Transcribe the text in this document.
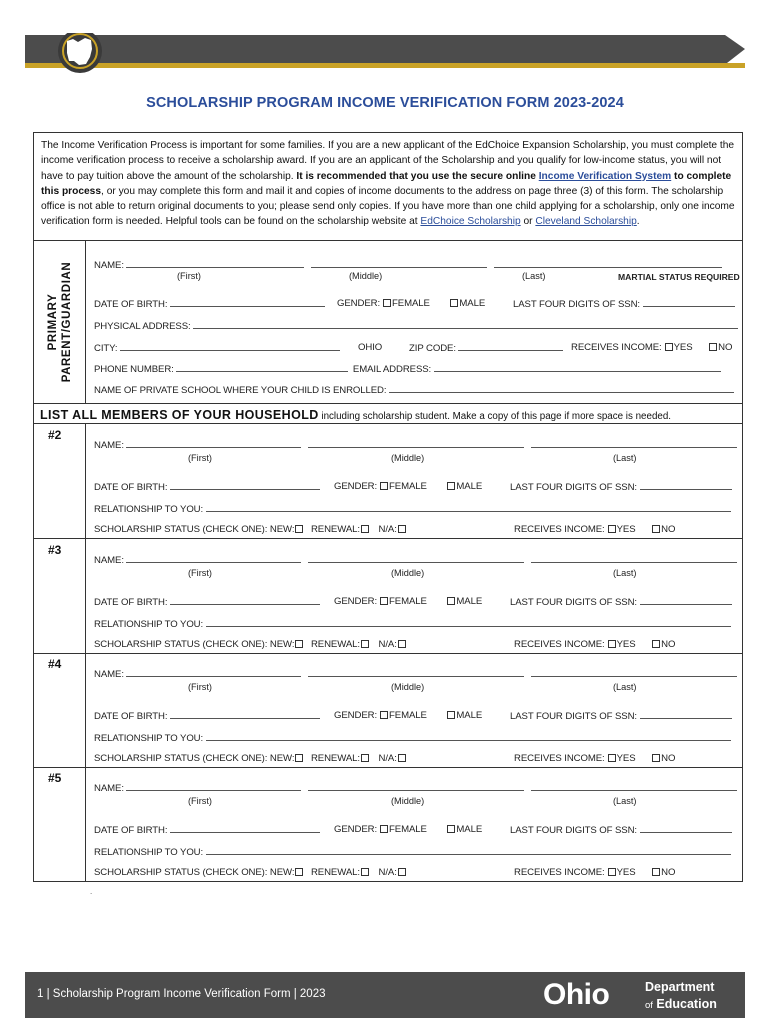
SCHOLARSHIP PROGRAM INCOME VERIFICATION FORM 2023-2024
The Income Verification Process is important for some families. If you are a new applicant of the EdChoice Expansion Scholarship, you must complete the income verification process to receive a scholarship award. If you are an applicant of the Scholarship and you qualify for low-income status, you will not have to pay tuition above the amount of the scholarship. It is recommended that you use the secure online Income Verification System to complete this process, or you may complete this form and mail it and copies of income documents to the address on page three (3) of this form. The scholarship office is not able to return original documents to you; please send only copies. If you have more than one child applying for a scholarship, only one income verification form is needed. Helpful tools can be found on the scholarship website at EdChoice Scholarship or Cleveland Scholarship.
PRIMARY PARENT/GUARDIAN NAME:
(First)	(Middle)	(Last)	MARTIAL STATUS REQUIRED
DATE OF BIRTH:	GENDER: FEMALE	MALE	LAST FOUR DIGITS OF SSN:
PHYSICAL ADDRESS:
CITY:	OHIO	ZIP CODE:	RECEIVES INCOME: YES	NO
PHONE NUMBER:	EMAIL ADDRESS:
NAME OF PRIVATE SCHOOL WHERE YOUR CHILD IS ENROLLED:
LIST ALL MEMBERS OF YOUR HOUSEHOLD including scholarship student. Make a copy of this page if more space is needed.
#2
NAME:
(First)	(Middle)	(Last)
DATE OF BIRTH:	GENDER: FEMALE	MALE	LAST FOUR DIGITS OF SSN:
RELATIONSHIP TO YOU:
SCHOLARSHIP STATUS (CHECK ONE): NEW: RENEWAL: N/A:	RECEIVES INCOME: YES	NO
#3
NAME:
(First)	(Middle)	(Last)
DATE OF BIRTH:	GENDER: FEMALE	MALE	LAST FOUR DIGITS OF SSN:
RELATIONSHIP TO YOU:
SCHOLARSHIP STATUS (CHECK ONE): NEW: RENEWAL: N/A:	RECEIVES INCOME: YES	NO
#4
NAME:
(First)	(Middle)	(Last)
DATE OF BIRTH:	GENDER: FEMALE	MALE	LAST FOUR DIGITS OF SSN:
RELATIONSHIP TO YOU:
SCHOLARSHIP STATUS (CHECK ONE): NEW: RENEWAL: N/A:	RECEIVES INCOME: YES	NO
#5
NAME:
(First)	(Middle)	(Last)
DATE OF BIRTH:	GENDER: FEMALE	MALE	LAST FOUR DIGITS OF SSN:
RELATIONSHIP TO YOU:
SCHOLARSHIP STATUS (CHECK ONE): NEW: RENEWAL: N/A:	RECEIVES INCOME: YES	NO
.
1 | Scholarship Program Income Verification Form | 2023	Ohio	Department
of Education
